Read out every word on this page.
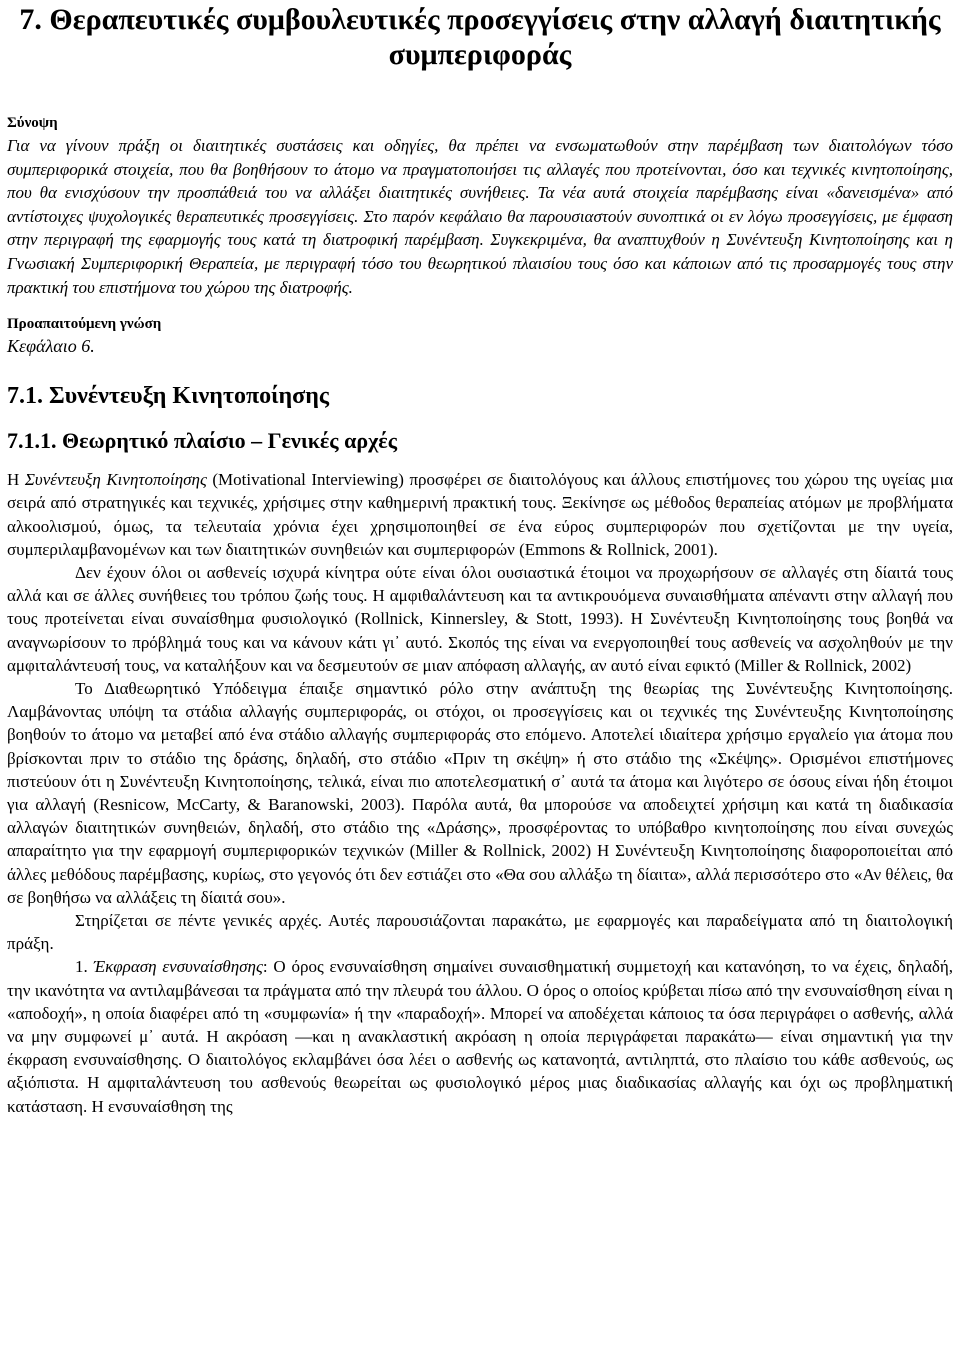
7. Θεραπευτικές συμβουλευτικές προσεγγίσεις στην αλλαγή διαιτητικής συμπεριφοράς
Σύνοψη

Για να γίνουν πράξη οι διαιτητικές συστάσεις και οδηγίες, θα πρέπει να ενσωματωθούν στην παρέμβαση των διαιτολόγων τόσο συμπεριφορικά στοιχεία, που θα βοηθήσουν το άτομο να πραγματοποιήσει τις αλλαγές που προτείνονται, όσο και τεχνικές κινητοποίησης, που θα ενισχύσουν την προσπάθειά του να αλλάξει διαιτητικές συνήθειες. Τα νέα αυτά στοιχεία παρέμβασης είναι «δανεισμένα» από αντίστοιχες ψυχολογικές θεραπευτικές προσεγγίσεις. Στο παρόν κεφάλαιο θα παρουσιαστούν συνοπτικά οι εν λόγω προσεγγίσεις, με έμφαση στην περιγραφή της εφαρμογής τους κατά τη διατροφική παρέμβαση. Συγκεκριμένα, θα αναπτυχθούν η Συνέντευξη Κινητοποίησης και η Γνωσιακή Συμπεριφορική Θεραπεία, με περιγραφή τόσο του θεωρητικού πλαισίου τους όσο και κάποιων από τις προσαρμογές τους στην πρακτική του επιστήμονα του χώρου της διατροφής.

Προαπαιτούμενη γνώση

Κεφάλαιο 6.

7.1. Συνέντευξη Κινητοποίησης
7.1.1. Θεωρητικό πλαίσιο – Γενικές αρχές

Η Συνέντευξη Κινητοποίησης (Motivational Interviewing) προσφέρει σε διαιτολόγους και άλλους επιστήμονες του χώρου της υγείας μια σειρά από στρατηγικές και τεχνικές, χρήσιμες στην καθημερινή πρακτική τους. Ξεκίνησε ως μέθοδος θεραπείας ατόμων με προβλήματα αλκοολισμού, όμως, τα τελευταία χρόνια έχει χρησιμοποιηθεί σε ένα εύρος συμπεριφορών που σχετίζονται με την υγεία, συμπεριλαμβανομένων και των διαιτητικών συνηθειών και συμπεριφορών (Emmons & Rollnick, 2001).

Δεν έχουν όλοι οι ασθενείς ισχυρά κίνητρα ούτε είναι όλοι ουσιαστικά έτοιμοι να προχωρήσουν σε αλλαγές στη δίαιτά τους αλλά και σε άλλες συνήθειες του τρόπου ζωής τους. Η αμφιθαλάντευση και τα αντικρουόμενα συναισθήματα απέναντι στην αλλαγή που τους προτείνεται είναι συναίσθημα φυσιολογικό (Rollnick, Kinnersley, & Stott, 1993). Η Συνέντευξη Κινητοποίησης τους βοηθά να αναγνωρίσουν το πρόβλημά τους και να κάνουν κάτι γι᾽ αυτό. Σκοπός της είναι να ενεργοποιηθεί τους ασθενείς να ασχοληθούν με την αμφιταλάντευσή τους, να καταλήξουν και να δεσμευτούν σε μιαν απόφαση αλλαγής, αν αυτό είναι εφικτό (Miller & Rollnick, 2002)

Το Διαθεωρητικό Υπόδειγμα έπαιξε σημαντικό ρόλο στην ανάπτυξη της θεωρίας της Συνέντευξης Κινητοποίησης. Λαμβάνοντας υπόψη τα στάδια αλλαγής συμπεριφοράς, οι στόχοι, οι προσεγγίσεις και οι τεχνικές της Συνέντευξης Κινητοποίησης βοηθούν το άτομο να μεταβεί από ένα στάδιο αλλαγής συμπεριφοράς στο επόμενο. Αποτελεί ιδιαίτερα χρήσιμο εργαλείο για άτομα που βρίσκονται πριν το στάδιο της δράσης, δηλαδή, στο στάδιο «Πριν τη σκέψη» ή στο στάδιο της «Σκέψης». Ορισμένοι επιστήμονες πιστεύουν ότι η Συνέντευξη Κινητοποίησης, τελικά, είναι πιο αποτελεσματική σ᾽ αυτά τα άτομα και λιγότερο σε όσους είναι ήδη έτοιμοι για αλλαγή (Resnicow, McCarty, & Baranowski, 2003). Παρόλα αυτά, θα μπορούσε να αποδειχτεί χρήσιμη και κατά τη διαδικασία αλλαγών διαιτητικών συνηθειών, δηλαδή, στο στάδιο της «Δράσης», προσφέροντας το υπόβαθρο κινητοποίησης που είναι συνεχώς απαραίτητο για την εφαρμογή συμπεριφορικών τεχνικών (Miller & Rollnick, 2002) Η Συνέντευξη Κινητοποίησης διαφοροποιείται από άλλες μεθόδους παρέμβασης, κυρίως, στο γεγονός ότι δεν εστιάζει στο «Θα σου αλλάξω τη δίαιτα», αλλά περισσότερο στο «Αν θέλεις, θα σε βοηθήσω να αλλάξεις τη δίαιτά σου».

Στηρίζεται σε πέντε γενικές αρχές. Αυτές παρουσιάζονται παρακάτω, με εφαρμογές και παραδείγματα από τη διαιτολογική πράξη.

1. Έκφραση ενσυναίσθησης: Ο όρος ενσυναίσθηση σημαίνει συναισθηματική συμμετοχή και κατανόηση, το να έχεις, δηλαδή, την ικανότητα να αντιλαμβάνεσαι τα πράγματα από την πλευρά του άλλου. Ο όρος ο οποίος κρύβεται πίσω από την ενσυναίσθηση είναι η «αποδοχή», η οποία διαφέρει από τη «συμφωνία» ή την «παραδοχή». Μπορεί να αποδέχεται κάποιος τα όσα περιγράφει ο ασθενής, αλλά να μην συμφωνεί μ᾽ αυτά. Η ακρόαση —και η ανακλαστική ακρόαση η οποία περιγράφεται παρακάτω— είναι σημαντική για την έκφραση ενσυναίσθησης. Ο διαιτολόγος εκλαμβάνει όσα λέει ο ασθενής ως κατανοητά, αντιληπτά, στο πλαίσιο του κάθε ασθενούς, ως αξιόπιστα. Η αμφιταλάντευση του ασθενούς θεωρείται ως φυσιολογικό μέρος μιας διαδικασίας αλλαγής και όχι ως προβληματική κατάσταση. Η ενσυναίσθηση της
